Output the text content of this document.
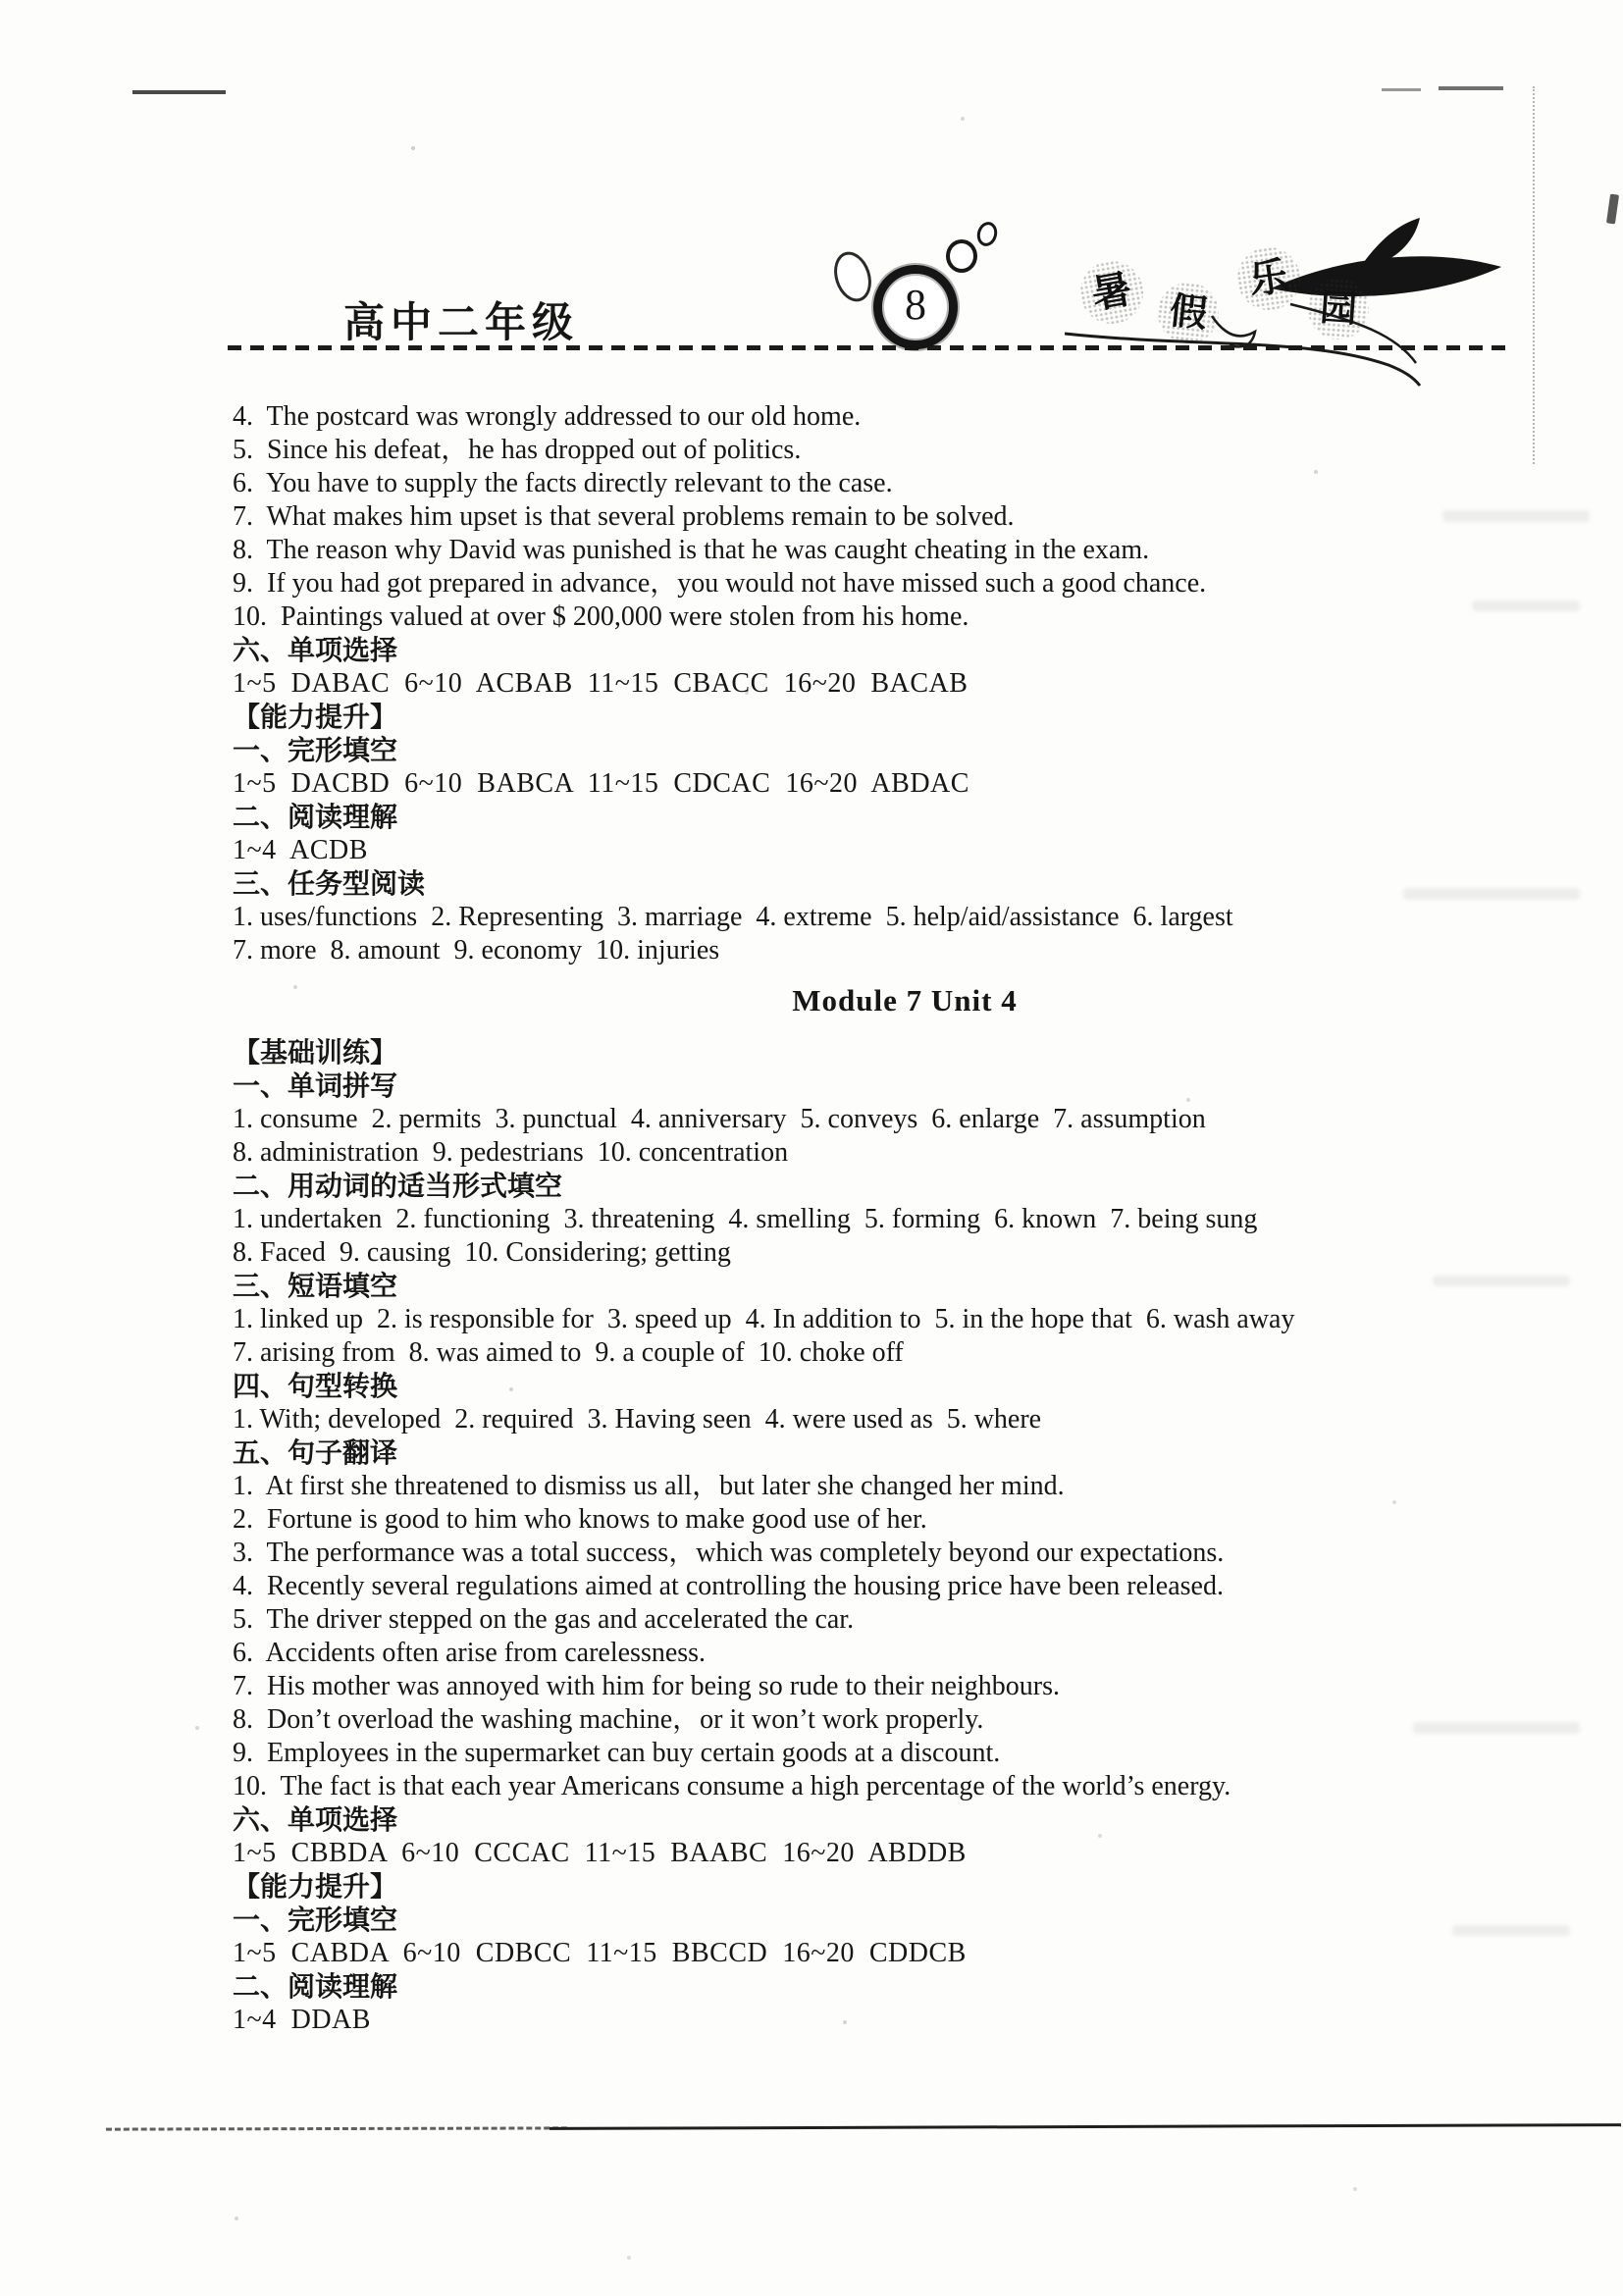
高中二年级	8	暑 假
乐
园

4.  The postcard was wrongly addressed to our old home.

5.  Since his defeat，he has dropped out of politics.

6.  You have to supply the facts directly relevant to the case.

7.  What makes him upset is that several problems remain to be solved.

8.  The reason why David was punished is that he was caught cheating in the exam.

9.  If you had got prepared in advance，you would not have missed such a good chance.

10.  Paintings valued at over $ 200,000 were stolen from his home.

六、单项选择

1~5  DABAC  6~10  ACBAB  11~15  CBACC  16~20  BACAB

【能力提升】

一、完形填空

1~5  DACBD  6~10  BABCA  11~15  CDCAC  16~20  ABDAC

二、阅读理解

1~4  ACDB

三、任务型阅读

1. uses/functions  2. Representing  3. marriage  4. extreme  5. help/aid/assistance  6. largest

7. more  8. amount  9. economy  10. injuries

Module 7 Unit 4

【基础训练】

一、单词拼写

1. consume  2. permits  3. punctual  4. anniversary  5. conveys  6. enlarge  7. assumption

8. administration  9. pedestrians  10. concentration

二、用动词的适当形式填空

1. undertaken  2. functioning  3. threatening  4. smelling  5. forming  6. known  7. being sung

8. Faced  9. causing  10. Considering; getting

三、短语填空

1. linked up  2. is responsible for  3. speed up  4. In addition to  5. in the hope that  6. wash away

7. arising from  8. was aimed to  9. a couple of  10. choke off

四、句型转换

1. With; developed  2. required  3. Having seen  4. were used as  5. where

五、句子翻译

1.  At first she threatened to dismiss us all，but later she changed her mind.

2.  Fortune is good to him who knows to make good use of her.

3.  The performance was a total success，which was completely beyond our expectations.

4.  Recently several regulations aimed at controlling the housing price have been released.

5.  The driver stepped on the gas and accelerated the car.

6.  Accidents often arise from carelessness.

7.  His mother was annoyed with him for being so rude to their neighbours.

8.  Don’t overload the washing machine，or it won’t work properly.

9.  Employees in the supermarket can buy certain goods at a discount.

10.  The fact is that each year Americans consume a high percentage of the world’s energy.

六、单项选择

1~5  CBBDA  6~10  CCCAC  11~15  BAABC  16~20  ABDDB

【能力提升】

一、完形填空

1~5  CABDA  6~10  CDBCC  11~15  BBCCD  16~20  CDDCB

二、阅读理解

1~4  DDAB
